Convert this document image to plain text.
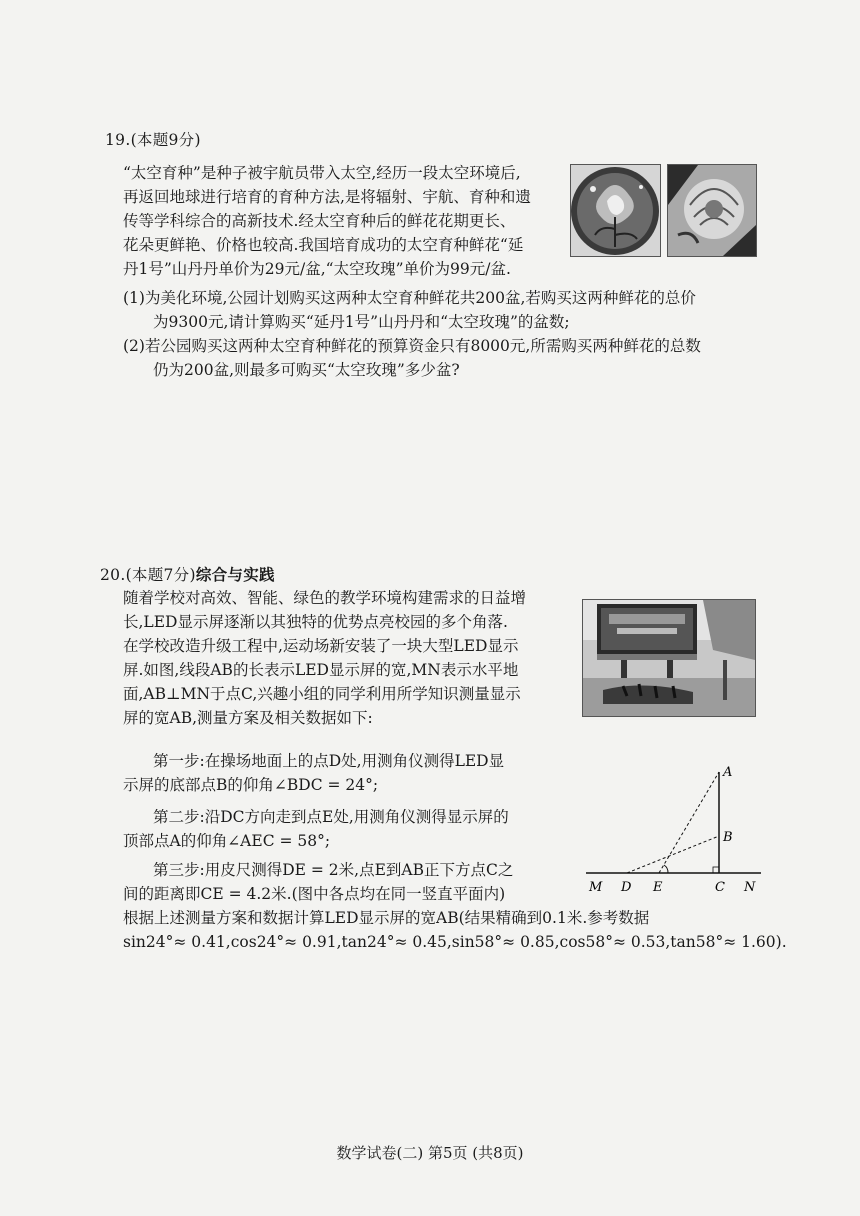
19.(本题9分)
“太空育种”是种子被宇航员带入太空,经历一段太空环境后,
再返回地球进行培育的育种方法,是将辐射、宇航、育种和遗
传等学科综合的高新技术.经太空育种后的鲜花花期更长、
花朵更鲜艳、价格也较高.我国培育成功的太空育种鲜花“延
丹1号”山丹丹单价为29元/盆,“太空玫瑰”单价为99元/盆.
(1)为美化环境,公园计划购买这两种太空育种鲜花共200盆,若购买这两种鲜花的总价
为9300元,请计算购买“延丹1号”山丹丹和“太空玫瑰”的盆数;
(2)若公园购买这两种太空育种鲜花的预算资金只有8000元,所需购买两种鲜花的总数
仍为200盆,则最多可购买“太空玫瑰”多少盆?
20.(本题7分)综合与实践
随着学校对高效、智能、绿色的教学环境构建需求的日益增
长,LED显示屏逐渐以其独特的优势点亮校园的多个角落.
在学校改造升级工程中,运动场新安装了一块大型LED显示
屏.如图,线段AB的长表示LED显示屏的宽,MN表示水平地
面,AB⊥MN于点C,兴趣小组的同学利用所学知识测量显示
屏的宽AB,测量方案及相关数据如下:
第一步:在操场地面上的点D处,用测角仪测得LED显
示屏的底部点B的仰角∠BDC = 24°;
第二步:沿DC方向走到点E处,用测角仪测得显示屏的
顶部点A的仰角∠AEC = 58°;
第三步:用皮尺测得DE = 2米,点E到AB正下方点C之
间的距离即CE = 4.2米.(图中各点均在同一竖直平面内)
A
B
M D E	C N
根据上述测量方案和数据计算LED显示屏的宽AB(结果精确到0.1米.参考数据
sin24°≈ 0.41,cos24°≈ 0.91,tan24°≈ 0.45,sin58°≈ 0.85,cos58°≈ 0.53,tan58°≈ 1.60).
数学试卷(二) 第5页 (共8页)
